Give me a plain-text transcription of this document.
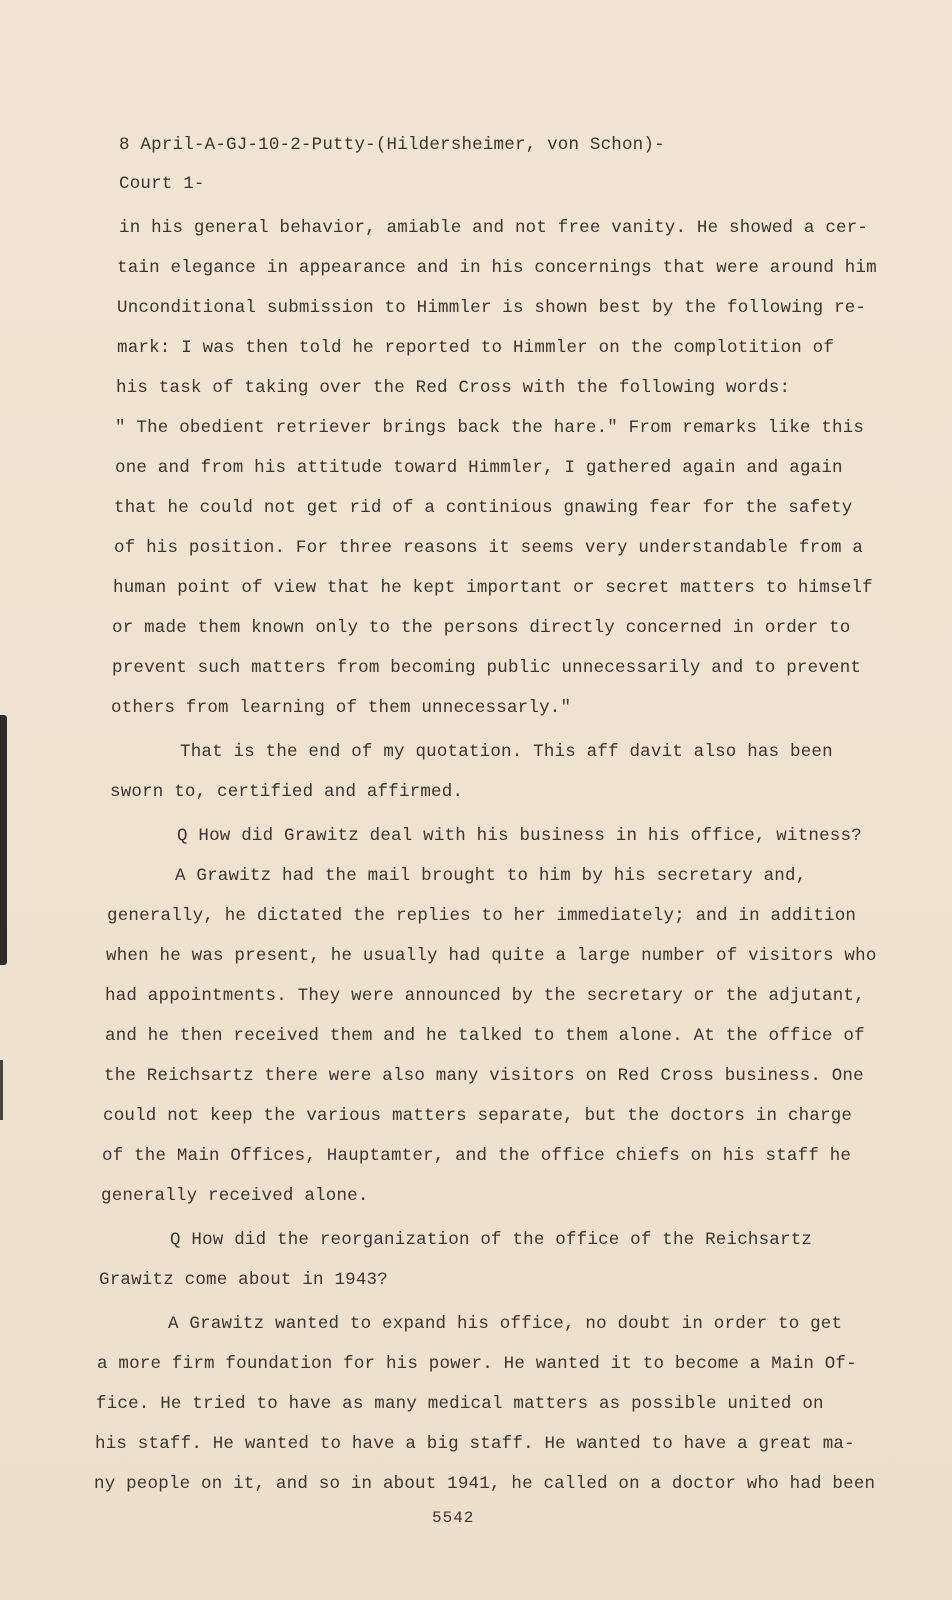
8 April-A-GJ-10-2-Putty-(Hildersheimer, von Schon)-
Court 1-
in his general behavior, amiable and not free vanity. He showed a cer-
tain elegance in appearance and in his concernings that were around him
Unconditional submission to Himmler is shown best by the following re-
mark: I was then told he reported to Himmler on the complotition of
his task of taking over the Red Cross with the following words:
" The obedient retriever brings back the hare." From remarks like this
one and from his attitude toward Himmler, I gathered again and again
that he could not get rid of a continious gnawing fear for the safety
of his position. For three reasons it seems very understandable from a
human point of view that he kept important or secret matters to himself
or made them known only to the persons directly concerned in order to
prevent such matters from becoming public unnecessarily and to prevent
others from learning of them unnecessarly."
That is the end of my quotation. This aff davit also has been
sworn to, certified and affirmed.
Q How did Grawitz deal with his business in his office, witness?
A Grawitz had the mail brought to him by his secretary and,
generally, he dictated the replies to her immediately; and in addition
when he was present, he usually had quite a large number of visitors who
had appointments. They were announced by the secretary or the adjutant,
and he then received them and he talked to them alone. At the office of
the Reichsartz there were also many visitors on Red Cross business. One
could not keep the various matters separate, but the doctors in charge
of the Main Offices, Hauptamter, and the office chiefs on his staff he
generally received alone.
Q How did the reorganization of the office of the Reichsartz
Grawitz come about in 1943?
A Grawitz wanted to expand his office, no doubt in order to get
a more firm foundation for his power. He wanted it to become a Main Of-
fice. He tried to have as many medical matters as possible united on
his staff. He wanted to have a big staff. He wanted to have a great ma-
ny people on it, and so in about 1941, he called on a doctor who had been
5542
